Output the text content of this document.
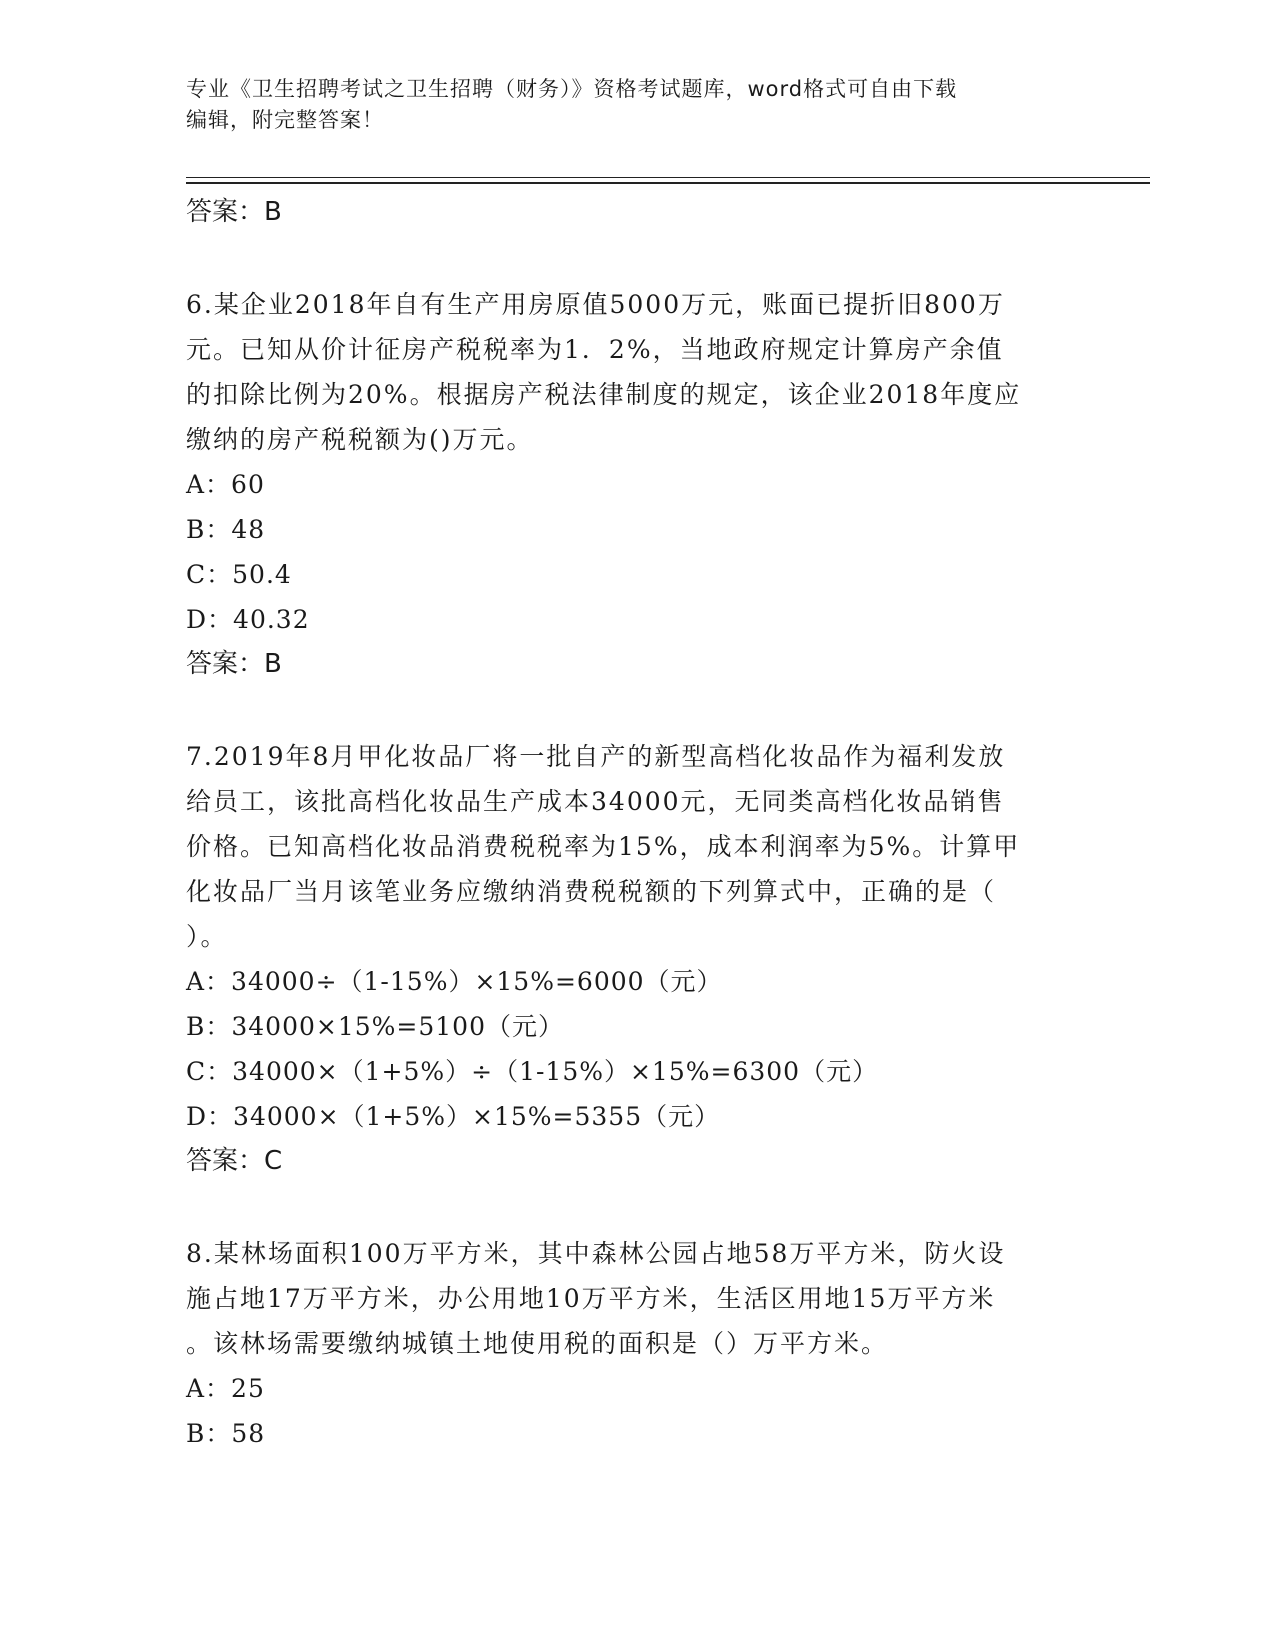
专业《卫生招聘考试之卫生招聘（财务）》资格考试题库，word格式可自由下载
编辑，附完整答案！
答案：B
6.某企业2018年自有生产用房原值5000万元，账面已提折旧800万
元。已知从价计征房产税税率为1．2%，当地政府规定计算房产余值
的扣除比例为20%。根据房产税法律制度的规定，该企业2018年度应
缴纳的房产税税额为()万元。
A：60
B：48
C：50.4
D：40.32
答案：B
7.2019年8月甲化妆品厂将一批自产的新型高档化妆品作为福利发放
给员工，该批高档化妆品生产成本34000元，无同类高档化妆品销售
价格。已知高档化妆品消费税税率为15%，成本利润率为5%。计算甲
化妆品厂当月该笔业务应缴纳消费税税额的下列算式中，正确的是（
）。
A：34000÷（1-15%）×15%=6000（元）
B：34000×15%=5100（元）
C：34000×（1+5%）÷（1-15%）×15%=6300（元）
D：34000×（1+5%）×15%=5355（元）
答案：C
8.某林场面积100万平方米，其中森林公园占地58万平方米，防火设
施占地17万平方米，办公用地10万平方米，生活区用地15万平方米
。该林场需要缴纳城镇土地使用税的面积是（）万平方米。
A：25
B：58
